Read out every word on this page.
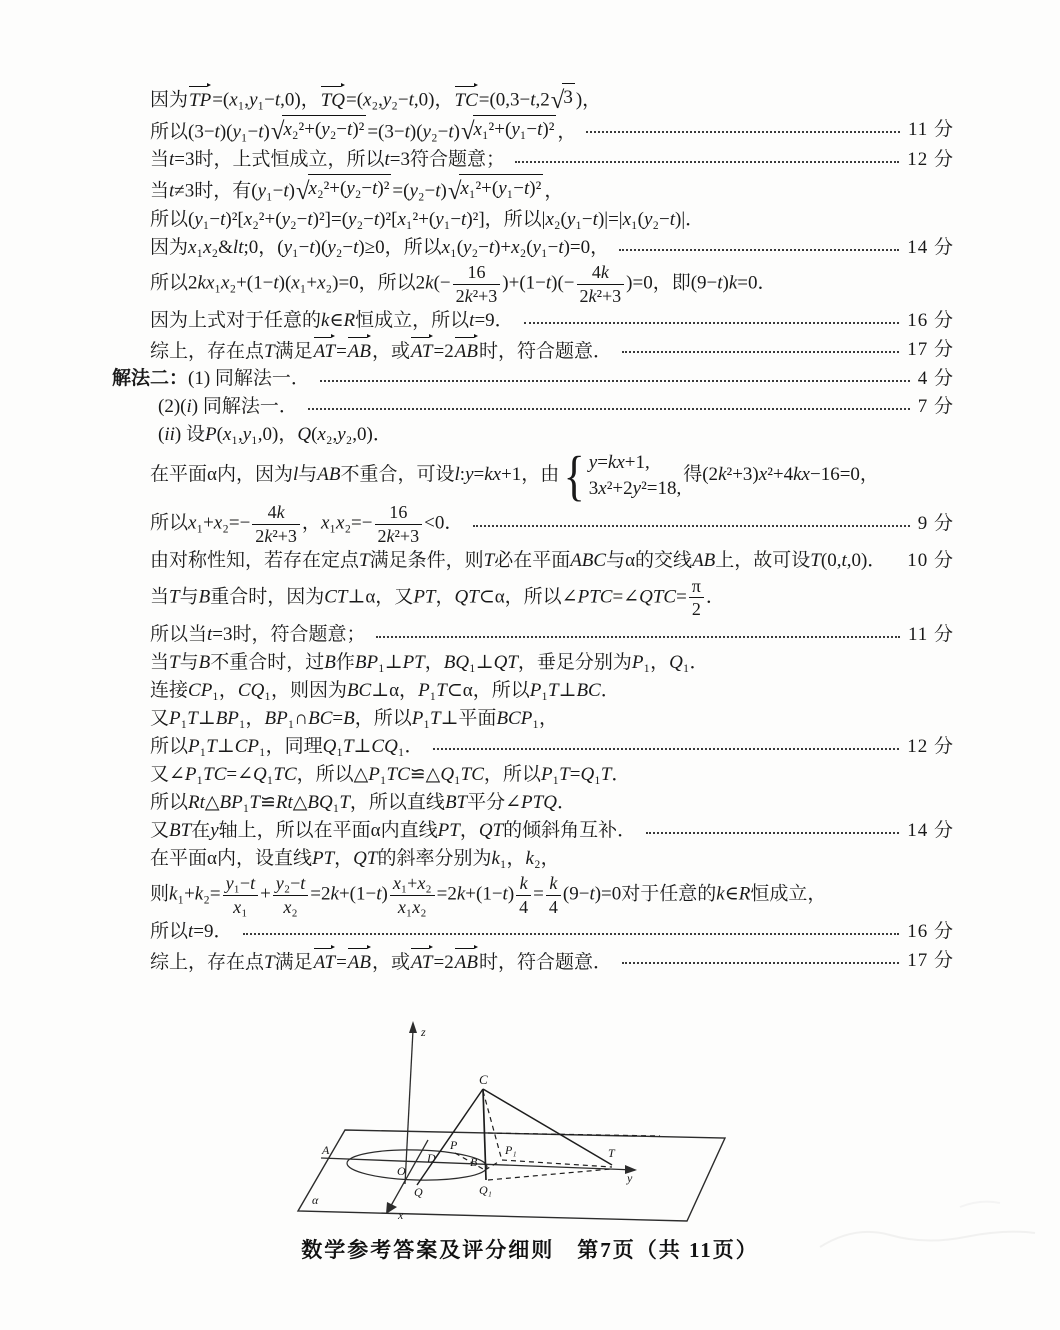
因为TP=(x₁,y₁−t,0)，TQ=(x₂,y₂−t,0)，TC=(0,3−t,2 √ 3 )，
所以(3−t)(y₁−t) √ x₂²+(y₂−t)² =(3−t)(y₂−t) √ x₁²+(y₁−t)² ，	11 分
当t=3时，上式恒成立，所以t=3符合题意；	12 分
当t≠3时，有(y₁−t) √ x₂²+(y₂−t)² =(y₂−t) √ x₁²+(y₁−t)² ，
所以(y₁−t)²[x₂²+(y₂−t)²]=(y₂−t)²[x₁²+(y₁−t)²]，所以|x₂(y₁−t)|=|x₁(y₂−t)|．
因为x₁x₂&lt;0，(y₁−t)(y₂−t)≥0，所以x₁(y₂−t)+x₂(y₁−t)=0，	14 分
所以2kx₁x₂+(1−t)(x₁+x₂)=0，所以$2k(- \frac{16}{\text{2k²+3}} )+(1-t)(- \frac{4k}{\text{2k²+3}} )=0$，即(9−t)k=0．
因为上式对于任意的k∈R恒成立，所以t=9．	16 分
综上，存在点T满足AT=AB，或AT=2AB时，符合题意．	17 分
解法二：(1) 同解法一．	4 分
(2)(i) 同解法一．	7 分
(ii) 设P(x₁,y₁,0)，Q(x₂,y₂,0)．
在平面α内，因为l与AB不重合，可设l:y=kx+1，由 { y=kx+1,
3x²+2y²=18,
得(2k²+3)x²+4kx−16=0，
所以$x_1+x_2=- \frac{4k}{\text{2k²+3}}$ ，$x_1x_2=- \frac{16}{\text{2k²+3}} <0$．	9 分
由对称性知，若存在定点T满足条件，则T必在平面ABC与α的交线AB上，故可设T(0,t,0)． 10 分
当T与B重合时，因为CT⊥α，又PT，QT⊂α，所以∠PTC=∠QTC= $\frac{\pi}{2}$ ．
所以当t=3时，符合题意；	11 分
当T与B不重合时，过B作BP₁⊥PT，BQ₁⊥QT，垂足分别为P₁，Q₁．
连接CP₁，CQ₁，则因为BC⊥α，P₁T⊂α，所以P₁T⊥BC．
又P₁T⊥BP₁，BP₁∩BC=B，所以P₁T⊥平面BCP₁，
所以P₁T⊥CP₁，同理Q₁T⊥CQ₁．	12 分
又∠P₁TC=∠Q₁TC，所以△P₁TC≌△Q₁TC，所以P₁T=Q₁T．
所以Rt△BP₁T≌Rt△BQ₁T，所以直线BT平分∠PTQ．
又BT在y轴上，所以在平面α内直线PT，QT的倾斜角互补．	14 分
在平面α内，设直线PT，QT的斜率分别为k₁，k₂，
则$k_1+k_2= \frac{\text{y₁−t}}{\text{x₁}} + \frac{\text{y₂−t}}{\text{x₂}} =2k+(1-t) \frac{\text{x₁+x₂}}{\text{x₁x₂}} =2k+(1-t) \frac{k}{4} = \frac{k}{4} (9-t)=0$对于任意的k∈R恒成立，
所以t=9．	16 分
综上，存在点T满足AT=AB，或AT=2AB时，符合题意．	17 分
A
O
D
P
B
P₁
Q	Q₁
C
T
x
y
z
α
数学参考答案及评分细则　第7页（共 11页）
